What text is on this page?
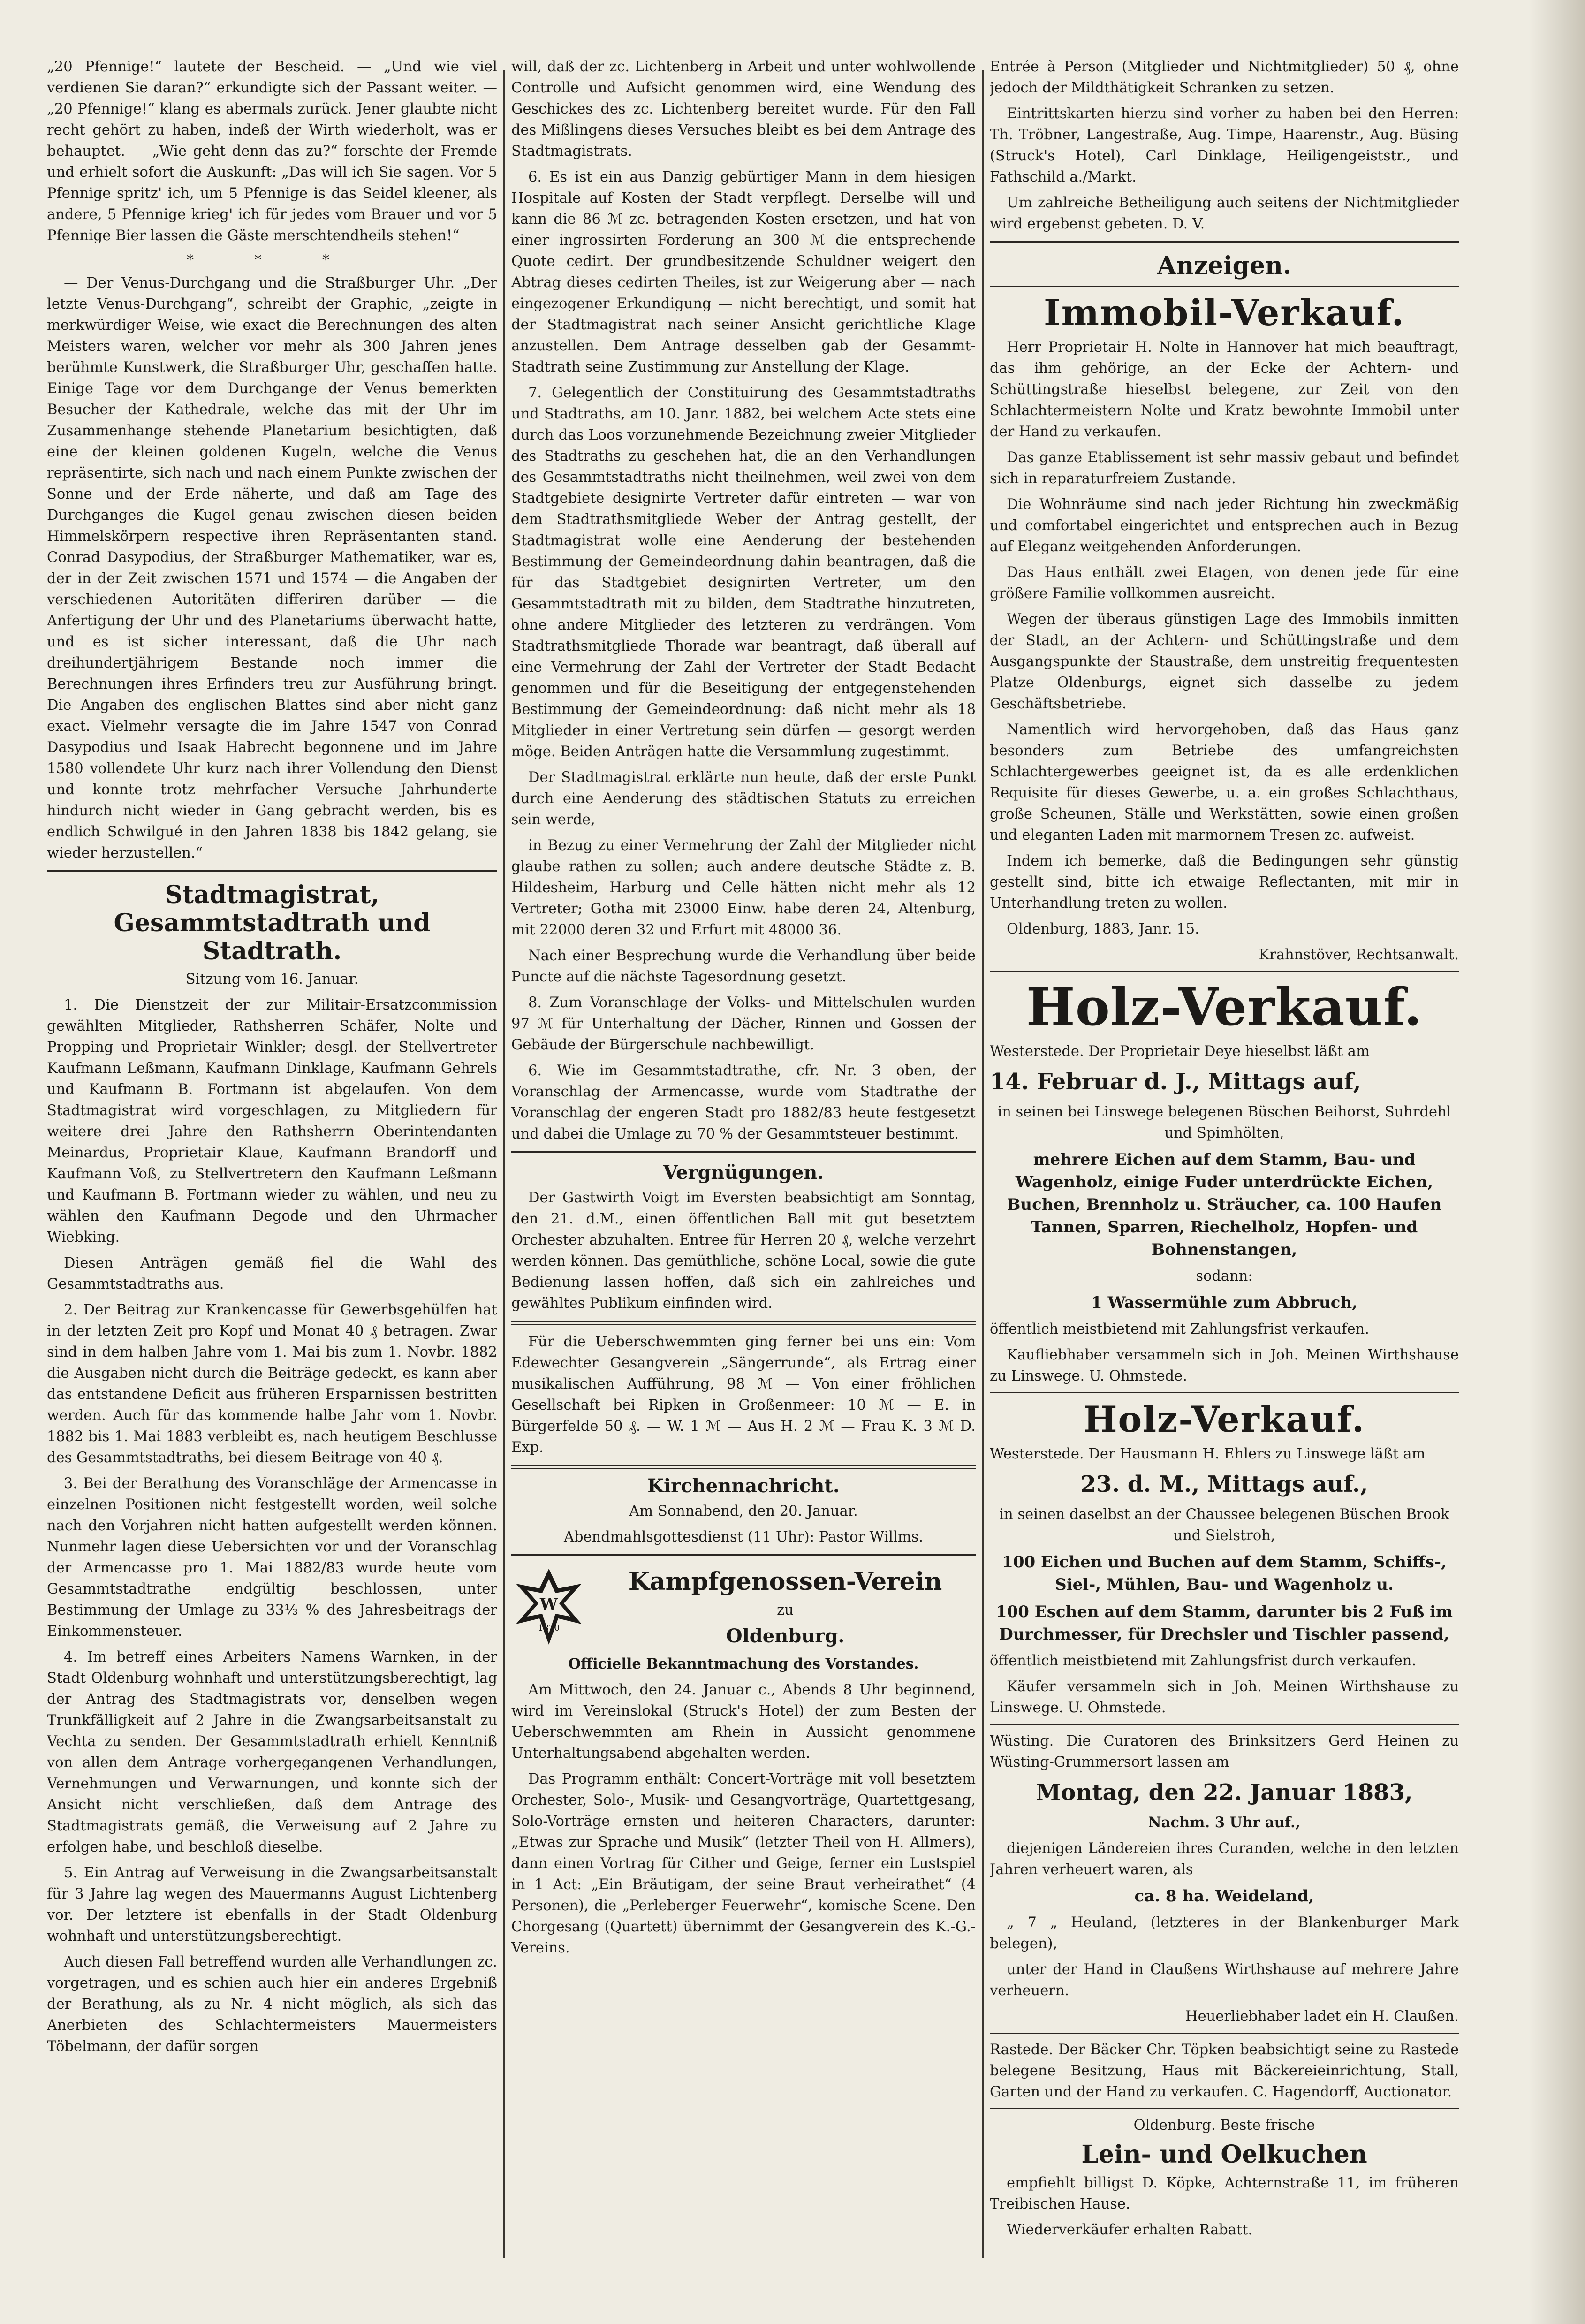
„20 Pfennige!“ lautete der Bescheid. — „Und wie viel verdienen Sie daran?“ erkundigte sich der Passant weiter. — „20 Pfennige!“ klang es abermals zurück. Jener glaubte nicht recht gehört zu haben, indeß der Wirth wiederholt, was er behauptet. — „Wie geht denn das zu?“ forschte der Fremde und erhielt sofort die Auskunft: „Das will ich Sie sagen. Vor 5 Pfennige spritz' ich, um 5 Pfennige is das Seidel kleener, als andere, 5 Pfennige krieg' ich für jedes vom Brauer und vor 5 Pfennige Bier lassen die Gäste merschtendheils stehen!“

* * *

— Der Venus-Durchgang und die Straßburger Uhr. „Der letzte Venus-Durchgang“, schreibt der Graphic, „zeigte in merkwürdiger Weise, wie exact die Berechnungen des alten Meisters waren, welcher vor mehr als 300 Jahren jenes berühmte Kunstwerk, die Straßburger Uhr, geschaffen hatte. Einige Tage vor dem Durchgange der Venus bemerkten Besucher der Kathedrale, welche das mit der Uhr im Zusammenhange stehende Planetarium besichtigten, daß eine der kleinen goldenen Kugeln, welche die Venus repräsentirte, sich nach und nach einem Punkte zwischen der Sonne und der Erde näherte, und daß am Tage des Durchganges die Kugel genau zwischen diesen beiden Himmelskörpern respective ihren Repräsentanten stand. Conrad Dasypodius, der Straßburger Mathematiker, war es, der in der Zeit zwischen 1571 und 1574 — die Angaben der verschiedenen Autoritäten differiren darüber — die Anfertigung der Uhr und des Planetariums überwacht hatte, und es ist sicher interessant, daß die Uhr nach dreihundertjährigem Bestande noch immer die Berechnungen ihres Erfinders treu zur Ausführung bringt. Die Angaben des englischen Blattes sind aber nicht ganz exact. Vielmehr versagte die im Jahre 1547 von Conrad Dasypodius und Isaak Habrecht begonnene und im Jahre 1580 vollendete Uhr kurz nach ihrer Vollendung den Dienst und konnte trotz mehrfacher Versuche Jahrhunderte hindurch nicht wieder in Gang gebracht werden, bis es endlich Schwilgué in den Jahren 1838 bis 1842 gelang, sie wieder herzustellen.“

Stadtmagistrat, Gesammtstadtrath und Stadtrath.

Sitzung vom 16. Januar.

1. Die Dienstzeit der zur Militair-Ersatzcommission gewählten Mitglieder, Rathsherren Schäfer, Nolte und Propping und Proprietair Winkler; desgl. der Stellvertreter Kaufmann Leßmann, Kaufmann Dinklage, Kaufmann Gehrels und Kaufmann B. Fortmann ist abgelaufen. Von dem Stadtmagistrat wird vorgeschlagen, zu Mitgliedern für weitere drei Jahre den Rathsherrn Oberintendanten Meinardus, Proprietair Klaue, Kaufmann Brandorff und Kaufmann Voß, zu Stellvertretern den Kaufmann Leßmann und Kaufmann B. Fortmann wieder zu wählen, und neu zu wählen den Kaufmann Degode und den Uhrmacher Wiebking.

Diesen Anträgen gemäß fiel die Wahl des Gesammtstadtraths aus.

2. Der Beitrag zur Krankencasse für Gewerbsgehülfen hat in der letzten Zeit pro Kopf und Monat 40 ₰ betragen. Zwar sind in dem halben Jahre vom 1. Mai bis zum 1. Novbr. 1882 die Ausgaben nicht durch die Beiträge gedeckt, es kann aber das entstandene Deficit aus früheren Ersparnissen bestritten werden. Auch für das kommende halbe Jahr vom 1. Novbr. 1882 bis 1. Mai 1883 verbleibt es, nach heutigem Beschlusse des Gesammtstadtraths, bei diesem Beitrage von 40 ₰.

3. Bei der Berathung des Voranschläge der Armencasse in einzelnen Positionen nicht festgestellt worden, weil solche nach den Vorjahren nicht hatten aufgestellt werden können. Nunmehr lagen diese Uebersichten vor und der Voranschlag der Armencasse pro 1. Mai 1882/83 wurde heute vom Gesammtstadtrathe endgültig beschlossen, unter Bestimmung der Umlage zu 33⅓ % des Jahresbeitrags der Einkommensteuer.

4. Im betreff eines Arbeiters Namens Warnken, in der Stadt Oldenburg wohnhaft und unterstützungsberechtigt, lag der Antrag des Stadtmagistrats vor, denselben wegen Trunkfälligkeit auf 2 Jahre in die Zwangsarbeitsanstalt zu Vechta zu senden. Der Gesammtstadtrath erhielt Kenntniß von allen dem Antrage vorhergegangenen Verhandlungen, Vernehmungen und Verwarnungen, und konnte sich der Ansicht nicht verschließen, daß dem Antrage des Stadtmagistrats gemäß, die Verweisung auf 2 Jahre zu erfolgen habe, und beschloß dieselbe.

5. Ein Antrag auf Verweisung in die Zwangsarbeitsanstalt für 3 Jahre lag wegen des Mauermanns August Lichtenberg vor. Der letztere ist ebenfalls in der Stadt Oldenburg wohnhaft und unterstützungsberechtigt.

Auch diesen Fall betreffend wurden alle Verhandlungen zc. vorgetragen, und es schien auch hier ein anderes Ergebniß der Berathung, als zu Nr. 4 nicht möglich, als sich das Anerbieten des Schlachtermeisters Mauermeisters Töbelmann, der dafür sorgen

will, daß der zc. Lichtenberg in Arbeit und unter wohlwollende Controlle und Aufsicht genommen wird, eine Wendung des Geschickes des zc. Lichtenberg bereitet wurde. Für den Fall des Mißlingens dieses Versuches bleibt es bei dem Antrage des Stadtmagistrats.

6. Es ist ein aus Danzig gebürtiger Mann in dem hiesigen Hospitale auf Kosten der Stadt verpflegt. Derselbe will und kann die 86 ℳ zc. betragenden Kosten ersetzen, und hat von einer ingrossirten Forderung an 300 ℳ die entsprechende Quote cedirt. Der grundbesitzende Schuldner weigert den Abtrag dieses cedirten Theiles, ist zur Weigerung aber — nach eingezogener Erkundigung — nicht berechtigt, und somit hat der Stadtmagistrat nach seiner Ansicht gerichtliche Klage anzustellen. Dem Antrage desselben gab der Gesammt-Stadtrath seine Zustimmung zur Anstellung der Klage.

7. Gelegentlich der Constituirung des Gesammtstadtraths und Stadtraths, am 10. Janr. 1882, bei welchem Acte stets eine durch das Loos vorzunehmende Bezeichnung zweier Mitglieder des Stadtraths zu geschehen hat, die an den Verhandlungen des Gesammtstadtraths nicht theilnehmen, weil zwei von dem Stadtgebiete designirte Vertreter dafür eintreten — war von dem Stadtrathsmitgliede Weber der Antrag gestellt, der Stadtmagistrat wolle eine Aenderung der bestehenden Bestimmung der Gemeindeordnung dahin beantragen, daß die für das Stadtgebiet designirten Vertreter, um den Gesammtstadtrath mit zu bilden, dem Stadtrathe hinzutreten, ohne andere Mitglieder des letzteren zu verdrängen. Vom Stadtrathsmitgliede Thorade war beantragt, daß überall auf eine Vermehrung der Zahl der Vertreter der Stadt Bedacht genommen und für die Beseitigung der entgegenstehenden Bestimmung der Gemeindeordnung: daß nicht mehr als 18 Mitglieder in einer Vertretung sein dürfen — gesorgt werden möge. Beiden Anträgen hatte die Versammlung zugestimmt.

Der Stadtmagistrat erklärte nun heute, daß der erste Punkt durch eine Aenderung des städtischen Statuts zu erreichen sein werde,

in Bezug zu einer Vermehrung der Zahl der Mitglieder nicht glaube rathen zu sollen; auch andere deutsche Städte z. B. Hildesheim, Harburg und Celle hätten nicht mehr als 12 Vertreter; Gotha mit 23000 Einw. habe deren 24, Altenburg, mit 22000 deren 32 und Erfurt mit 48000 36.

Nach einer Besprechung wurde die Verhandlung über beide Puncte auf die nächste Tagesordnung gesetzt.

8. Zum Voranschlage der Volks- und Mittelschulen wurden 97 ℳ für Unterhaltung der Dächer, Rinnen und Gossen der Gebäude der Bürgerschule nachbewilligt.

6. Wie im Gesammtstadtrathe, cfr. Nr. 3 oben, der Voranschlag der Armencasse, wurde vom Stadtrathe der Voranschlag der engeren Stadt pro 1882/83 heute festgesetzt und dabei die Umlage zu 70 % der Gesammtsteuer bestimmt.

Vergnügungen.

Der Gastwirth Voigt im Eversten beabsichtigt am Sonntag, den 21. d.M., einen öffentlichen Ball mit gut besetztem Orchester abzuhalten. Entree für Herren 20 ₰, welche verzehrt werden können. Das gemüthliche, schöne Local, sowie die gute Bedienung lassen hoffen, daß sich ein zahlreiches und gewähltes Publikum einfinden wird.

Für die Ueberschwemmten ging ferner bei uns ein: Vom Edewechter Gesangverein „Sängerrunde“, als Ertrag einer musikalischen Aufführung, 98 ℳ — Von einer fröhlichen Gesellschaft bei Ripken in Großenmeer: 10 ℳ — E. in Bürgerfelde 50 ₰. — W. 1 ℳ — Aus H. 2 ℳ — Frau K. 3 ℳ D. Exp.

Kirchennachricht.

Am Sonnabend, den 20. Januar.

Abendmahlsgottesdienst (11 Uhr): Pastor Willms.

W
1870
Kampfgenossen-Verein

zu

Oldenburg.

Officielle Bekanntmachung des Vorstandes.

Am Mittwoch, den 24. Januar c., Abends 8 Uhr beginnend, wird im Vereinslokal (Struck's Hotel) der zum Besten der Ueberschwemmten am Rhein in Aussicht genommene Unterhaltungsabend abgehalten werden.

Das Programm enthält: Concert-Vorträge mit voll besetztem Orchester, Solo-, Musik- und Gesangvorträge, Quartettgesang, Solo-Vorträge ernsten und heiteren Characters, darunter: „Etwas zur Sprache und Musik“ (letzter Theil von H. Allmers), dann einen Vortrag für Cither und Geige, ferner ein Lustspiel in 1 Act: „Ein Bräutigam, der seine Braut verheirathet“ (4 Personen), die „Perleberger Feuerwehr“, komische Scene. Den Chorgesang (Quartett) übernimmt der Gesangverein des K.-G.-Vereins.

Entrée à Person (Mitglieder und Nichtmitglieder) 50 ₰, ohne jedoch der Mildthätigkeit Schranken zu setzen.

Eintrittskarten hierzu sind vorher zu haben bei den Herren: Th. Tröbner, Langestraße, Aug. Timpe, Haarenstr., Aug. Büsing (Struck's Hotel), Carl Dinklage, Heiligengeiststr., und Fathschild a./Markt.

Um zahlreiche Betheiligung auch seitens der Nichtmitglieder wird ergebenst gebeten. D. V.

Anzeigen.
Immobil-Verkauf.

Herr Proprietair H. Nolte in Hannover hat mich beauftragt, das ihm gehörige, an der Ecke der Achtern- und Schüttingstraße hieselbst belegene, zur Zeit von den Schlachtermeistern Nolte und Kratz bewohnte Immobil unter der Hand zu verkaufen.

Das ganze Etablissement ist sehr massiv gebaut und befindet sich in reparaturfreiem Zustande.

Die Wohnräume sind nach jeder Richtung hin zweckmäßig und comfortabel eingerichtet und entsprechen auch in Bezug auf Eleganz weitgehenden Anforderungen.

Das Haus enthält zwei Etagen, von denen jede für eine größere Familie vollkommen ausreicht.

Wegen der überaus günstigen Lage des Immobils inmitten der Stadt, an der Achtern- und Schüttingstraße und dem Ausgangspunkte der Staustraße, dem unstreitig frequentesten Platze Oldenburgs, eignet sich dasselbe zu jedem Geschäftsbetriebe.

Namentlich wird hervorgehoben, daß das Haus ganz besonders zum Betriebe des umfangreichsten Schlachtergewerbes geeignet ist, da es alle erdenklichen Requisite für dieses Gewerbe, u. a. ein großes Schlachthaus, große Scheunen, Ställe und Werkstätten, sowie einen großen und eleganten Laden mit marmornem Tresen zc. aufweist.

Indem ich bemerke, daß die Bedingungen sehr günstig gestellt sind, bitte ich etwaige Reflectanten, mit mir in Unterhandlung treten zu wollen.

Oldenburg, 1883, Janr. 15.

Krahnstöver, Rechtsanwalt.

Holz-Verkauf.

Westerstede. Der Proprietair Deye hieselbst läßt am

14. Februar d. J., Mittags auf,

in seinen bei Linswege belegenen Büschen Beihorst, Suhrdehl und Spimhölten,

mehrere Eichen auf dem Stamm, Bau- und Wagenholz, einige Fuder unterdrückte Eichen, Buchen, Brennholz u. Sträucher, ca. 100 Haufen Tannen, Sparren, Riechelholz, Hopfen- und Bohnenstangen,

sodann:

1 Wassermühle zum Abbruch,

öffentlich meistbietend mit Zahlungsfrist verkaufen.

Kaufliebhaber versammeln sich in Joh. Meinen Wirthshause zu Linswege. U. Ohmstede.

Holz-Verkauf.

Westerstede. Der Hausmann H. Ehlers zu Linswege läßt am

23. d. M., Mittags auf.,

in seinen daselbst an der Chaussee belegenen Büschen Brook und Sielstroh,

100 Eichen und Buchen auf dem Stamm, Schiffs-, Siel-, Mühlen, Bau- und Wagenholz u.

100 Eschen auf dem Stamm, darunter bis 2 Fuß im Durchmesser, für Drechsler und Tischler passend,

öffentlich meistbietend mit Zahlungsfrist durch verkaufen.

Käufer versammeln sich in Joh. Meinen Wirthshause zu Linswege. U. Ohmstede.

Wüsting. Die Curatoren des Brinksitzers Gerd Heinen zu Wüsting-Grummersort lassen am

Montag, den 22. Januar 1883,

Nachm. 3 Uhr auf.,

diejenigen Ländereien ihres Curanden, welche in den letzten Jahren verheuert waren, als

ca. 8 ha. Weideland,

„ 7 „ Heuland, (letzteres in der Blankenburger Mark belegen),

unter der Hand in Claußens Wirthshause auf mehrere Jahre verheuern.

Heuerliebhaber ladet ein H. Claußen.

Rastede. Der Bäcker Chr. Töpken beabsichtigt seine zu Rastede belegene Besitzung, Haus mit Bäckereieinrichtung, Stall, Garten und der Hand zu verkaufen. C. Hagendorff, Auctionator.

Oldenburg. Beste frische

Lein- und Oelkuchen

empfiehlt billigst D. Köpke, Achternstraße 11, im früheren Treibischen Hause.

Wiederverkäufer erhalten Rabatt.
